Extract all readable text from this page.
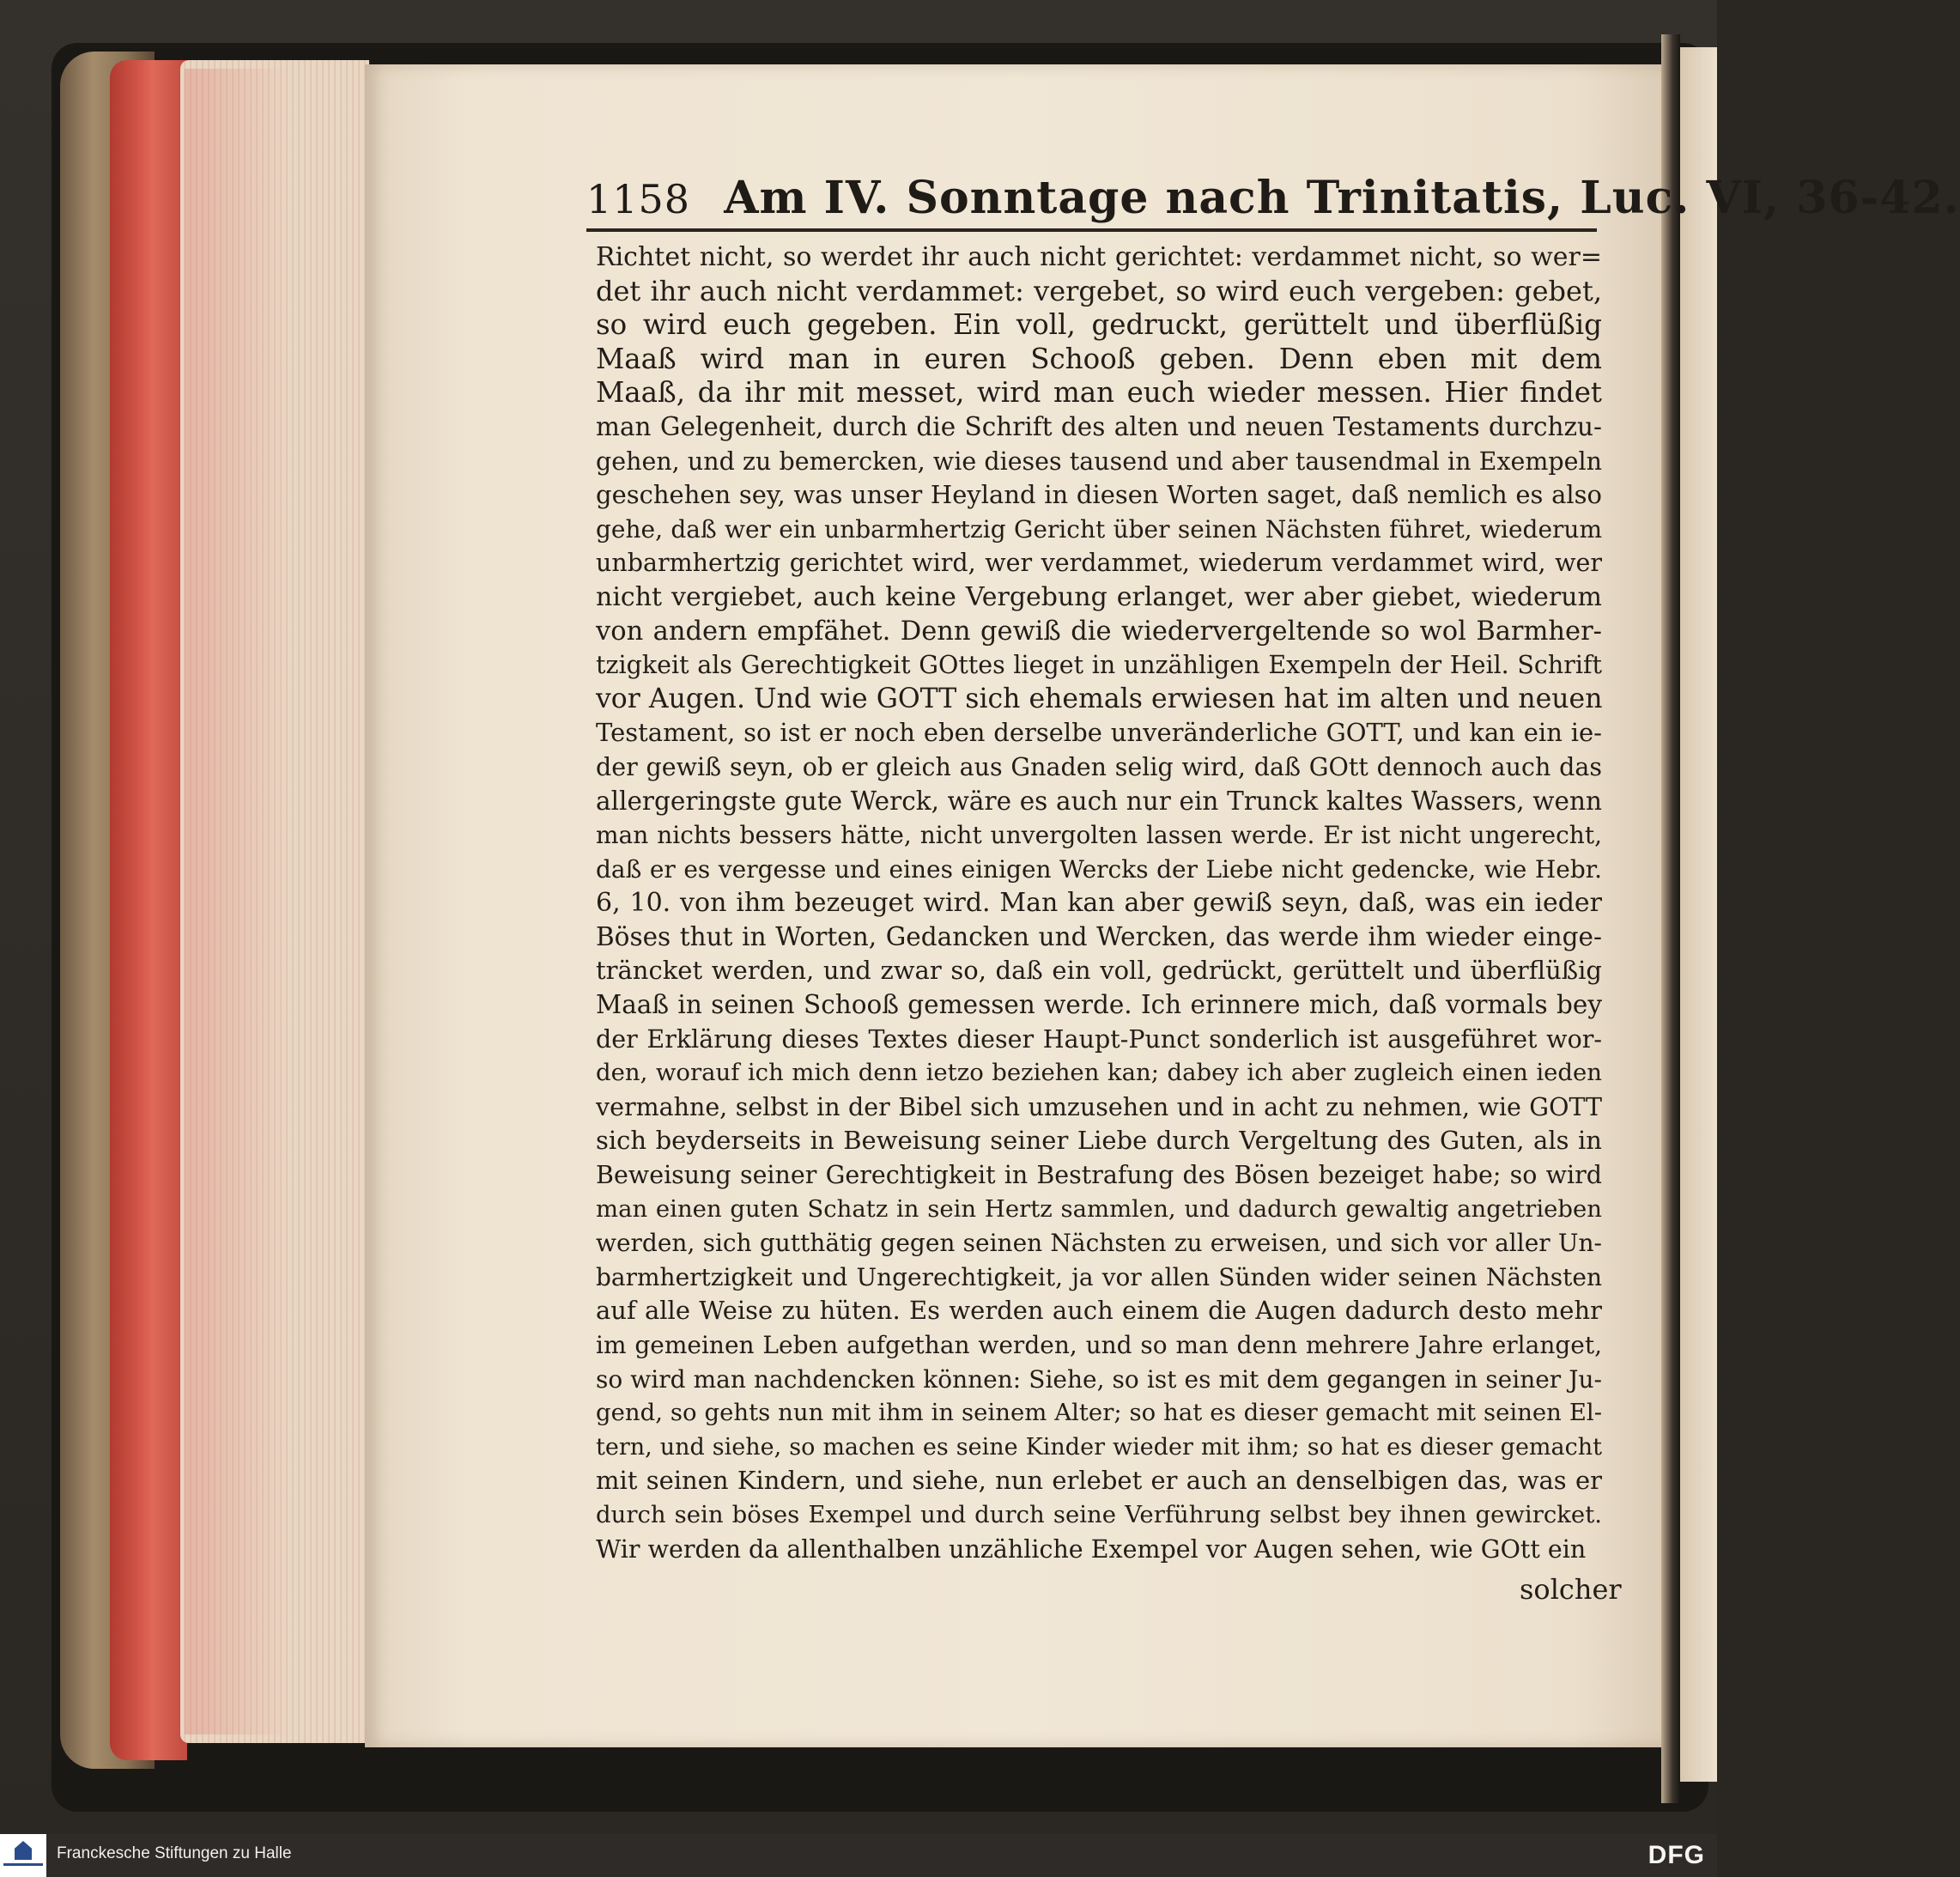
1158 Am IV. Sonntage nach Trinitatis, Luc. VI, 36-42.
Richtet nicht, so werdet ihr auch nicht gerichtet: verdammet nicht, so wer=
det ihr auch nicht verdammet: vergebet, so wird euch vergeben: gebet,
so wird euch gegeben. Ein voll, gedruckt, gerüttelt und überflüßig
Maaß wird man in euren Schooß geben. Denn eben mit dem
Maaß, da ihr mit messet, wird man euch wieder messen. Hier findet
man Gelegenheit, durch die Schrift des alten und neuen Testaments durchzu-
gehen, und zu bemercken, wie dieses tausend und aber tausendmal in Exempeln
geschehen sey, was unser Heyland in diesen Worten saget, daß nemlich es also
gehe, daß wer ein unbarmhertzig Gericht über seinen Nächsten führet, wiederum
unbarmhertzig gerichtet wird, wer verdammet, wiederum verdammet wird, wer
nicht vergiebet, auch keine Vergebung erlanget, wer aber giebet, wiederum
von andern empfähet. Denn gewiß die wiedervergeltende so wol Barmher-
tzigkeit als Gerechtigkeit GOttes lieget in unzähligen Exempeln der Heil. Schrift
vor Augen. Und wie GOTT sich ehemals erwiesen hat im alten und neuen
Testament, so ist er noch eben derselbe unveränderliche GOTT, und kan ein ie-
der gewiß seyn, ob er gleich aus Gnaden selig wird, daß GOtt dennoch auch das
allergeringste gute Werck, wäre es auch nur ein Trunck kaltes Wassers, wenn
man nichts bessers hätte, nicht unvergolten lassen werde. Er ist nicht ungerecht,
daß er es vergesse und eines einigen Wercks der Liebe nicht gedencke, wie Hebr.
6, 10. von ihm bezeuget wird. Man kan aber gewiß seyn, daß, was ein ieder
Böses thut in Worten, Gedancken und Wercken, das werde ihm wieder einge-
träncket werden, und zwar so, daß ein voll, gedrückt, gerüttelt und überflüßig
Maaß in seinen Schooß gemessen werde. Ich erinnere mich, daß vormals bey
der Erklärung dieses Textes dieser Haupt-Punct sonderlich ist ausgeführet wor-
den, worauf ich mich denn ietzo beziehen kan; dabey ich aber zugleich einen ieden
vermahne, selbst in der Bibel sich umzusehen und in acht zu nehmen, wie GOTT
sich beyderseits in Beweisung seiner Liebe durch Vergeltung des Guten, als in
Beweisung seiner Gerechtigkeit in Bestrafung des Bösen bezeiget habe; so wird
man einen guten Schatz in sein Hertz sammlen, und dadurch gewaltig angetrieben
werden, sich gutthätig gegen seinen Nächsten zu erweisen, und sich vor aller Un-
barmhertzigkeit und Ungerechtigkeit, ja vor allen Sünden wider seinen Nächsten
auf alle Weise zu hüten. Es werden auch einem die Augen dadurch desto mehr
im gemeinen Leben aufgethan werden, und so man denn mehrere Jahre erlanget,
so wird man nachdencken können: Siehe, so ist es mit dem gegangen in seiner Ju-
gend, so gehts nun mit ihm in seinem Alter; so hat es dieser gemacht mit seinen El-
tern, und siehe, so machen es seine Kinder wieder mit ihm; so hat es dieser gemacht
mit seinen Kindern, und siehe, nun erlebet er auch an denselbigen das, was er
durch sein böses Exempel und durch seine Verführung selbst bey ihnen gewircket.
Wir werden da allenthalben unzähliche Exempel vor Augen sehen, wie GOtt ein
solcher
Franckesche Stiftungen zu Halle	DFG
